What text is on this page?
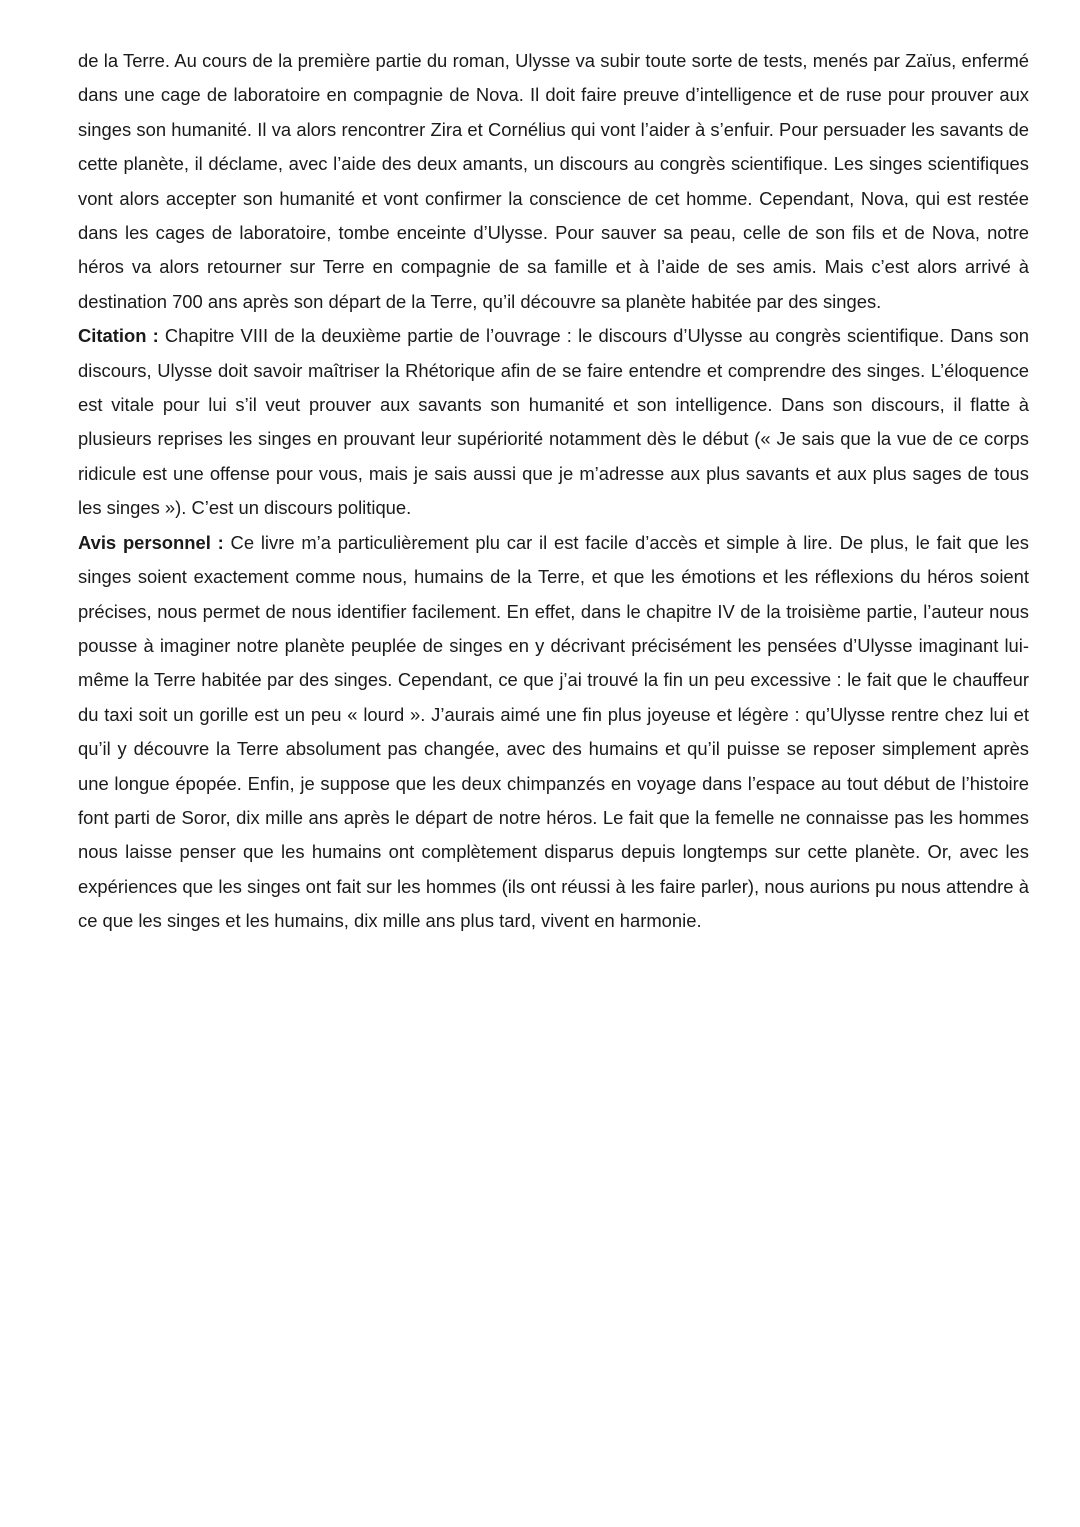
de la Terre. Au cours de la première partie du roman, Ulysse va subir toute sorte de tests, menés par Zaïus, enfermé dans une cage de laboratoire en compagnie de Nova. Il doit faire preuve d’intelligence et de ruse pour prouver aux singes son humanité. Il va alors rencontrer Zira et Cornélius qui vont l’aider à s’enfuir. Pour persuader les savants de cette planète, il déclame, avec l’aide des deux amants, un discours au congrès scientifique. Les singes scientifiques vont alors accepter son humanité et vont confirmer la conscience de cet homme. Cependant, Nova, qui est restée dans les cages de laboratoire, tombe enceinte d’Ulysse. Pour sauver sa peau, celle de son fils et de Nova, notre héros va alors retourner sur Terre en compagnie de sa famille et à l’aide de ses amis. Mais c’est alors arrivé à destination 700 ans après son départ de la Terre, qu’il découvre sa planète habitée par des singes.

Citation : Chapitre VIII de la deuxième partie de l’ouvrage : le discours d’Ulysse au congrès scientifique. Dans son discours, Ulysse doit savoir maîtriser la Rhétorique afin de se faire entendre et comprendre des singes. L’éloquence est vitale pour lui s’il veut prouver aux savants son humanité et son intelligence. Dans son discours, il flatte à plusieurs reprises les singes en prouvant leur supériorité notamment dès le début (« Je sais que la vue de ce corps ridicule est une offense pour vous, mais je sais aussi que je m’adresse aux plus savants et aux plus sages de tous les singes »). C’est un discours politique.

Avis personnel : Ce livre m’a particulièrement plu car il est facile d’accès et simple à lire. De plus, le fait que les singes soient exactement comme nous, humains de la Terre, et que les émotions et les réflexions du héros soient précises, nous permet de nous identifier facilement. En effet, dans le chapitre IV de la troisième partie, l’auteur nous pousse à imaginer notre planète peuplée de singes en y décrivant précisément les pensées d’Ulysse imaginant lui-même la Terre habitée par des singes. Cependant, ce que j’ai trouvé la fin un peu excessive : le fait que le chauffeur du taxi soit un gorille est un peu « lourd ». J’aurais aimé une fin plus joyeuse et légère : qu’Ulysse rentre chez lui et qu’il y découvre la Terre absolument pas changée, avec des humains et qu’il puisse se reposer simplement après une longue épopée. Enfin, je suppose que les deux chimpanzés en voyage dans l’espace au tout début de l’histoire font parti de Soror, dix mille ans après le départ de notre héros. Le fait que la femelle ne connaisse pas les hommes nous laisse penser que les humains ont complètement disparus depuis longtemps sur cette planète. Or, avec les expériences que les singes ont fait sur les hommes (ils ont réussi à les faire parler), nous aurions pu nous attendre à ce que les singes et les humains, dix mille ans plus tard, vivent en harmonie.
